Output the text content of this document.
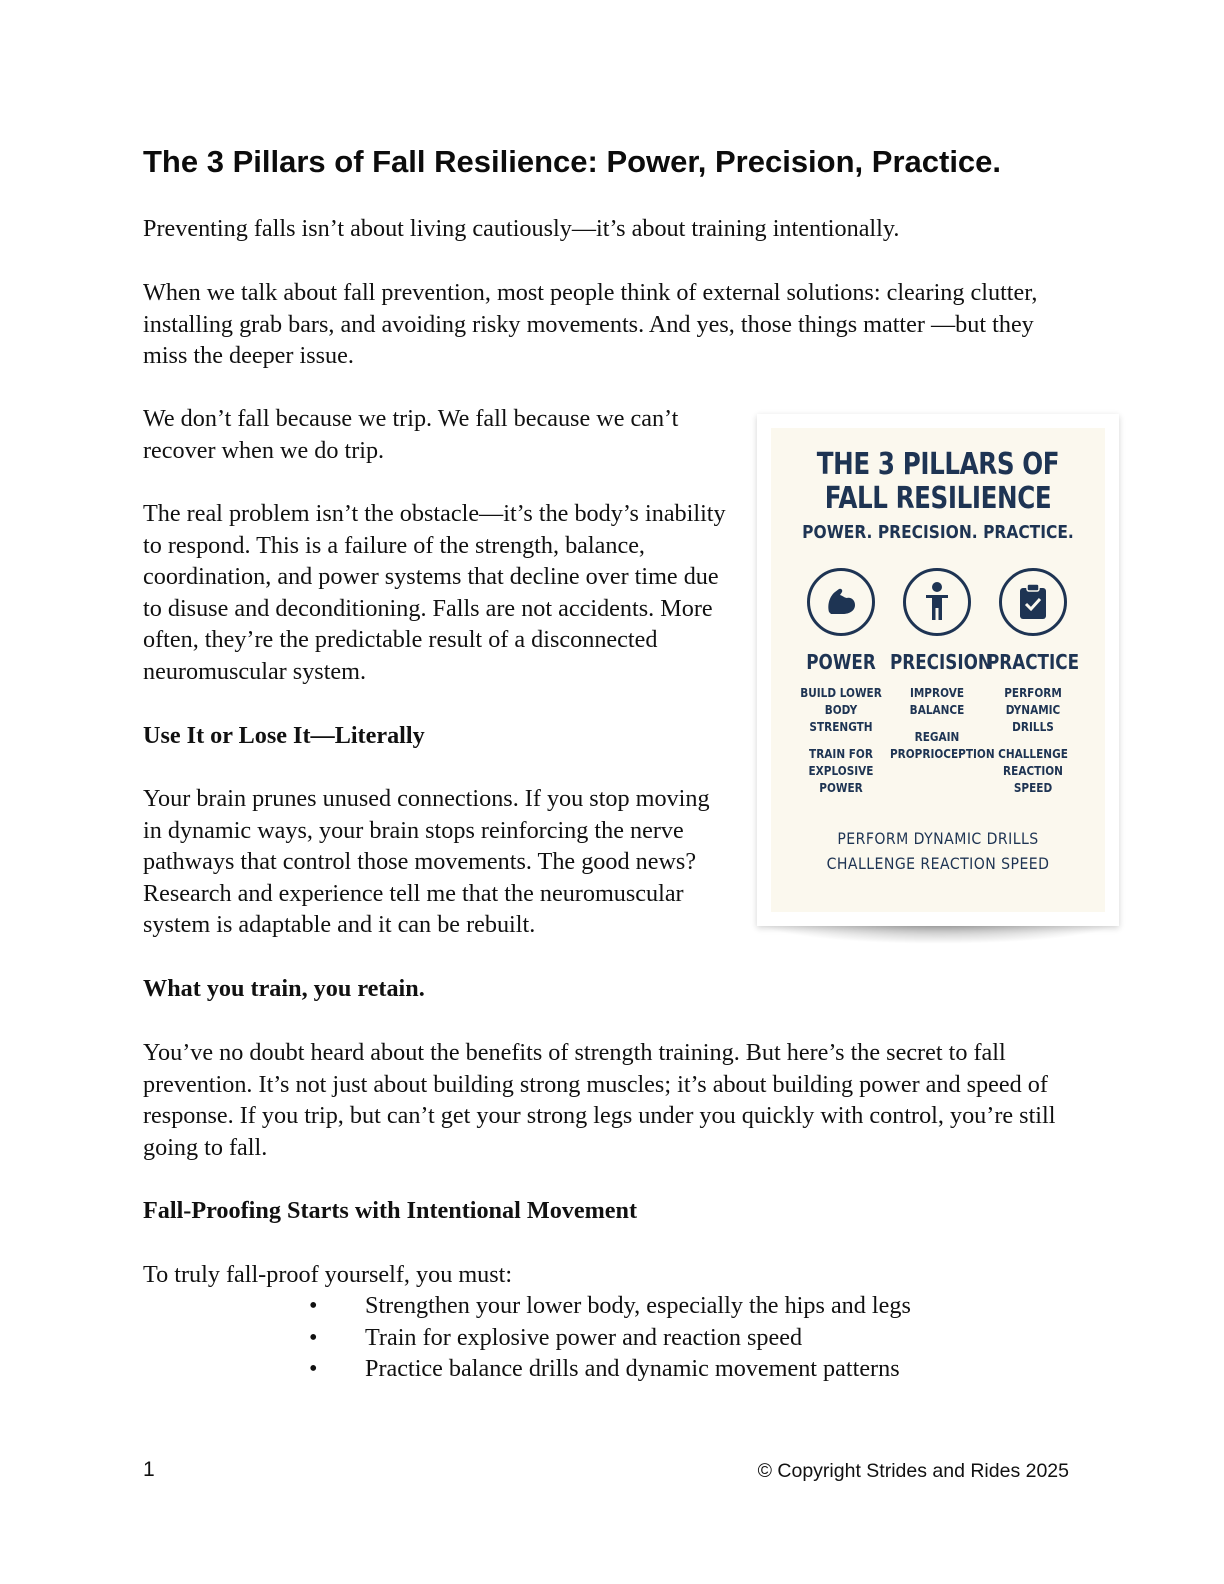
The 3 Pillars of Fall Resilience: Power, Precision, Practice.

Preventing falls isn’t about living cautiously—it’s about training intentionally.

When we talk about fall prevention, most people think of external solutions: clearing clutter, installing grab bars, and avoiding risky movements. And yes, those things matter —but they miss the deeper issue.

We don’t fall because we trip. We fall because we can’t recover when we do trip.

The real problem isn’t the obstacle—it’s the body’s inability to respond. This is a failure of the strength, balance, coordination, and power systems that decline over time due to disuse and deconditioning. Falls are not accidents. More often, they’re the predictable result of a disconnected neuromuscular system.

Use It or Lose It—Literally

Your brain prunes unused connections. If you stop moving in dynamic ways, your brain stops reinforcing the nerve pathways that control those movements. The good news? Research and experience tell me that the neuromuscular system is adaptable and it can be rebuilt.

What you train, you retain.

You’ve no doubt heard about the benefits of strength training. But here’s the secret to fall prevention. It’s not just about building strong muscles; it’s about building power and speed of response. If you trip, but can’t get your strong legs under you quickly with control, you’re still going to fall.

Fall-Proofing Starts with Intentional Movement

To truly fall-proof yourself, you must:

• Strengthen your lower body, especially the hips and legs
• Train for explosive power and reaction speed
• Practice balance drills and dynamic movement patterns
THE 3 PILLARS OF
FALL RESILIENCE
POWER. PRECISION. PRACTICE.
POWER
BUILD LOWER
BODY STRENGTH
TRAIN FOR
EXPLOSIVE
POWER
PRECISION
IMPROVE
BALANCE
REGAIN
PROPRIOCEPTION
PRACTICE
PERFORM
DYNAMIC DRILLS
CHALLENGE
REACTION SPEED
PERFORM DYNAMIC DRILLS
CHALLENGE REACTION SPEED
1	© Copyright Strides and Rides 2025
